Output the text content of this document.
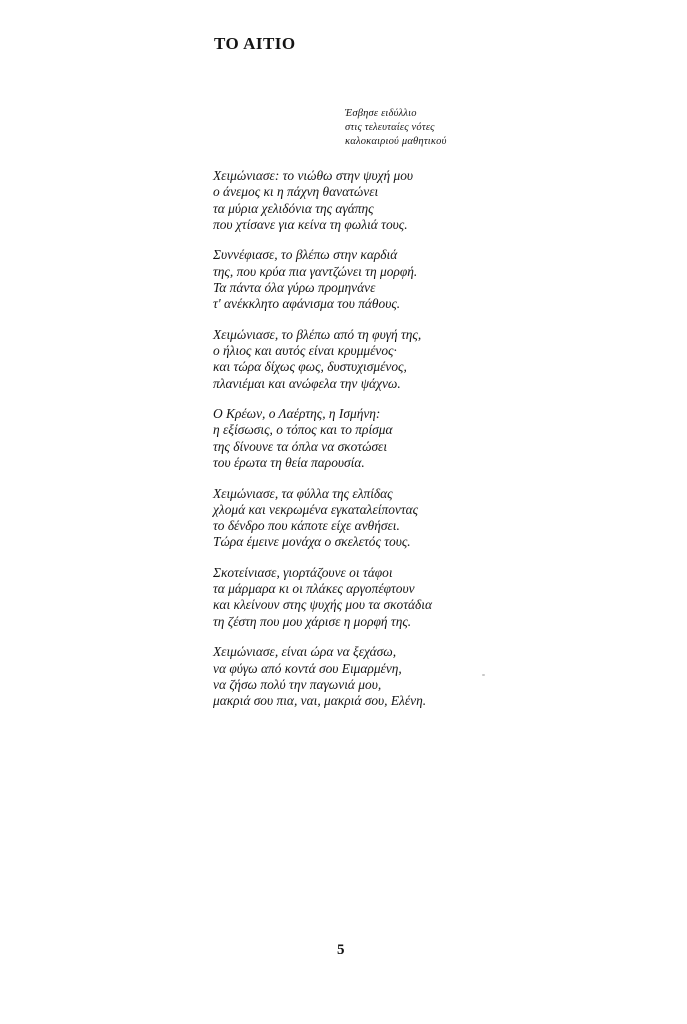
ΤΟ ΑΙΤΙΟ
Έσβησε ειδύλλιο
στις τελευταίες νότες
καλοκαιριού μαθητικού
Χειμώνιασε: το νιώθω στην ψυχή μου
ο άνεμος κι η πάχνη θανατώνει
τα μύρια χελιδόνια της αγάπης
που χτίσανε για κείνα τη φωλιά τους.
Συννέφιασε, το βλέπω στην καρδιά
της, που κρύα πια γαντζώνει τη μορφή.
Τα πάντα όλα γύρω προμηνάνε
τ' ανέκκλητο αφάνισμα του πάθους.
Χειμώνιασε, το βλέπω από τη φυγή της,
ο ήλιος και αυτός είναι κρυμμένος·
και τώρα δίχως φως, δυστυχισμένος,
πλανιέμαι και ανώφελα την ψάχνω.
Ο Κρέων, ο Λαέρτης, η Ισμήνη:
η εξίσωσις, ο τόπος και το πρίσμα
της δίνουνε τα όπλα να σκοτώσει
του έρωτα τη θεία παρουσία.
Χειμώνιασε, τα φύλλα της ελπίδας
χλομά και νεκρωμένα εγκαταλείποντας
το δένδρο που κάποτε είχε ανθήσει.
Τώρα έμεινε μονάχα ο σκελετός τους.
Σκοτείνιασε, γιορτάζουνε οι τάφοι
τα μάρμαρα κι οι πλάκες αργοπέφτουν
και κλείνουν στης ψυχής μου τα σκοτάδια
τη ζέστη που μου χάρισε η μορφή της.
Χειμώνιασε, είναι ώρα να ξεχάσω,
να φύγω από κοντά σου Ειμαρμένη,
να ζήσω πολύ την παγωνιά μου,
μακριά σου πια, ναι, μακριά σου, Ελένη.
5
